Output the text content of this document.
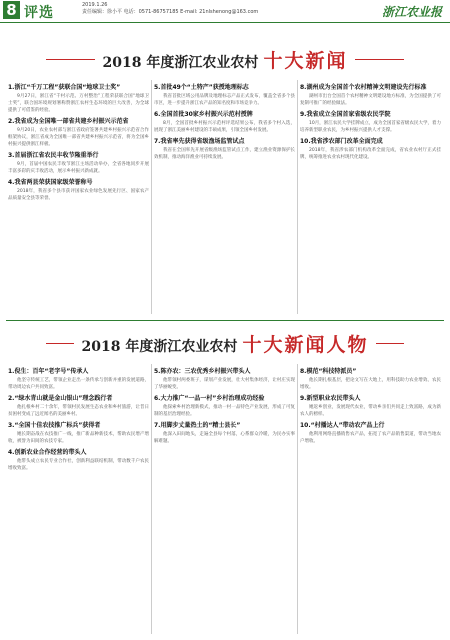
8 评选	2019.1.26
责任编辑：徐小平 电话：0571-86757185 E-mail: 21nlshenong@163.com	浙江农业报
2018 年度浙江农业农村 十大新闻
1.浙江“千万工程”获联合国“地球卫士奖”

9月27日，浙江省“千村示范、万村整治”工程荣获联合国“地球卫士奖”，联合国环境规划署称赞浙江农村生态环境的巨大改善，为全球提供了可借鉴的经验。

2.我省成为全国唯一部省共建乡村振兴示范省

9月20日，农业农村部与浙江省政府签署共建乡村振兴示范省合作框架协议，浙江省成为全国唯一部省共建乡村振兴示范省，将为全国乡村振兴提供浙江样板。

3.首届浙江省农民丰收节隆重举行

9月，首届中国农民丰收节浙江主场活动举办，全省各地同步开展丰富多彩的庆丰收活动，展示乡村振兴新成就。

4.我省两县荣获国家级荣誉称号

2018年，我省多个县市获评国家农业绿色发展先行区、国家农产品质量安全县等荣誉。

5.首批49个“土特产”获授地理标志

我省首批区域公用品牌及地理标志产品正式发布，覆盖全省多个县市区，进一步提升浙江农产品的知名度和市场竞争力。

6.全国首批30家乡村振兴示范村授牌

8月，全国首批乡村振兴示范村评选结果公布，我省多个村入选，展现了浙江美丽乡村建设的丰硕成果，引领全国乡村发展。

7.我省率先获得省级渔场监管试点

我省在全国率先开展省级渔场监管试点工作，建立渔业资源保护长效机制，推动海洋渔业可持续发展。

8.湖州成为全国首个农村精神文明建设先行标准

湖州市出台全国首个农村精神文明建设地方标准，为全国提供了可复制可推广的经验做法。

9.我省成立全国首家省级农民学院

10月，浙江农民大学挂牌成立，成为全国首家省级农民大学，着力培养新型职业农民，为乡村振兴提供人才支撑。

10.我省涉农部门改革全面完成

2018年，我省涉农部门机构改革全面完成，省农业农村厅正式挂牌，统筹推进农业农村现代化建设。

2018 年度浙江农业农村 十大新闻人物
1.倪生：百年“老字号”传承人

他坚守传统工艺，带领企业走出一条传承与创新并重的发展道路，带动周边农户共同致富。

2.“绿水青山就是金山银山”理念践行者

他扎根乡村二十余年，带领村民发展生态农业和乡村旅游，让昔日贫困村变成了远近闻名的美丽乡村。

3.“全国十佳农技推广标兵”获得者

她长期奋战在农技推广一线，推广新品种新技术，帮助农民增产增收，被誉为田间的农技专家。

4.创新农业合作经营的带头人

他带头成立农民专业合作社，创新利益联结机制，带动数千户农民增收致富。

5.陈亦农：三农优秀乡村振兴带头人

他带领村两委班子，谋划产业发展，壮大村集体经济，让村庄实现了华丽蜕变。

6.大力推广“一品一村”乡村治理成功经验

他探索乡村治理新模式，推动一村一品特色产业发展，形成了可复制的基层治理经验。

7.用脚步丈量热土的“精士县长”

他深入田间地头，走遍全县每个村落，心系群众冷暖，为民办实事解难题。

8.模范“科技特派员”

他长期扎根基层，把论文写在大地上，用科技助力农业增效、农民增收。

9.新型职业农民带头人

她返乡创业，发展现代农业，带动乡亲们共同走上致富路，成为新农人的榜样。

10.“村播达人”带动农产品上行

他利用网络直播销售农产品，拓宽了农产品销售渠道，带动当地农户增收。
